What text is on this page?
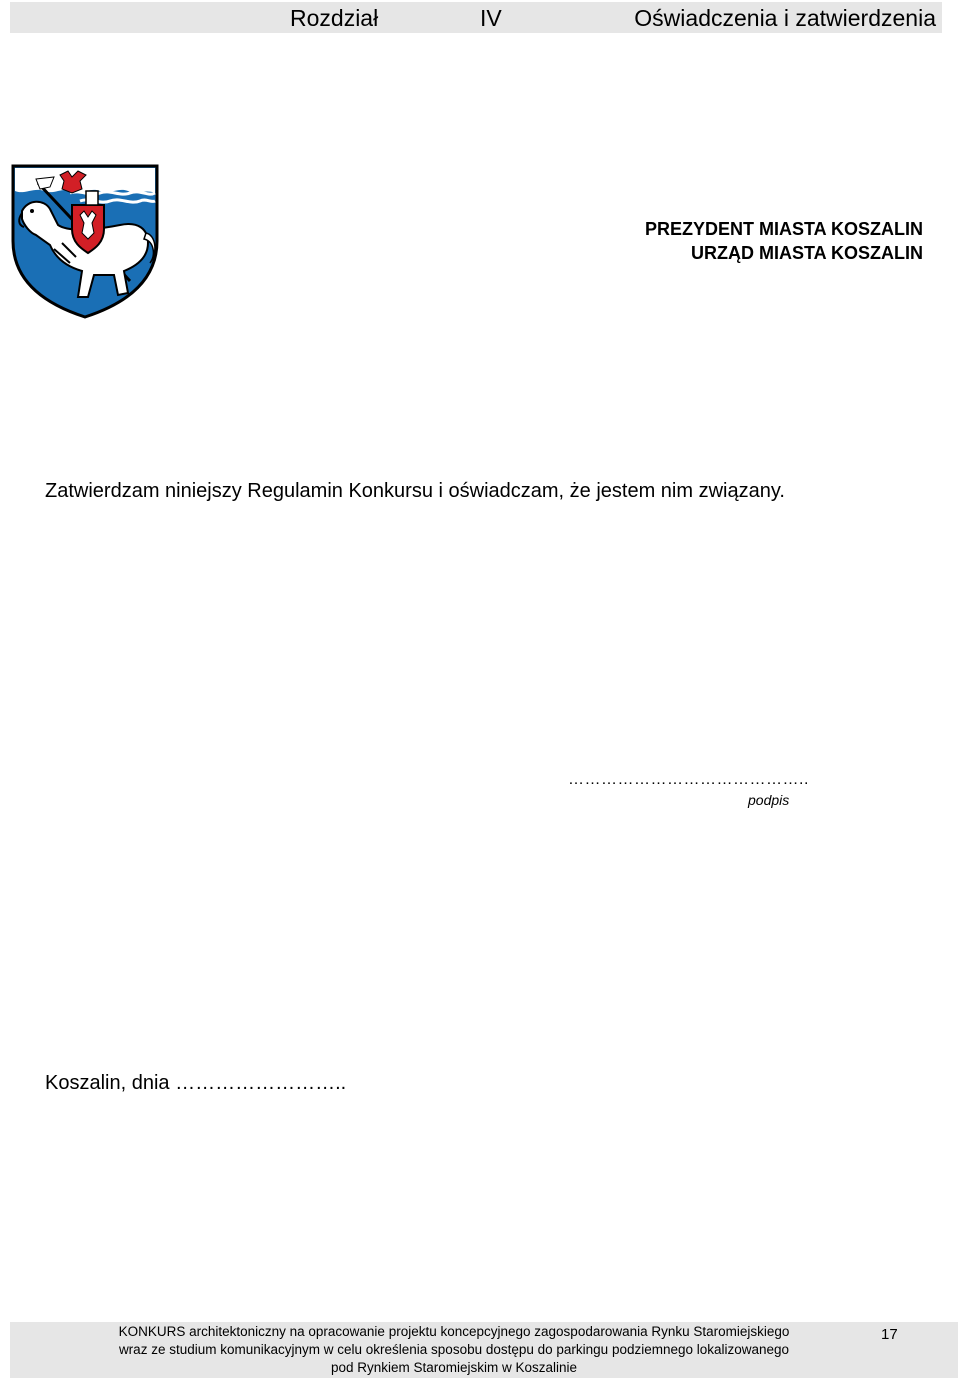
Rozdział	IV	Oświadczenia i zatwierdzenia
PREZYDENT MIASTA KOSZALIN
URZĄD MIASTA KOSZALIN
Zatwierdzam niniejszy Regulamin Konkursu i oświadczam, że jestem nim związany.
……………………………………..
podpis
Koszalin, dnia ……………………..
KONKURS architektoniczny na opracowanie projektu koncepcyjnego zagospodarowania Rynku Staromiejskiego
wraz ze studium komunikacyjnym w celu określenia sposobu dostępu do parkingu podziemnego lokalizowanego
pod Rynkiem Staromiejskim w Koszalinie
17
